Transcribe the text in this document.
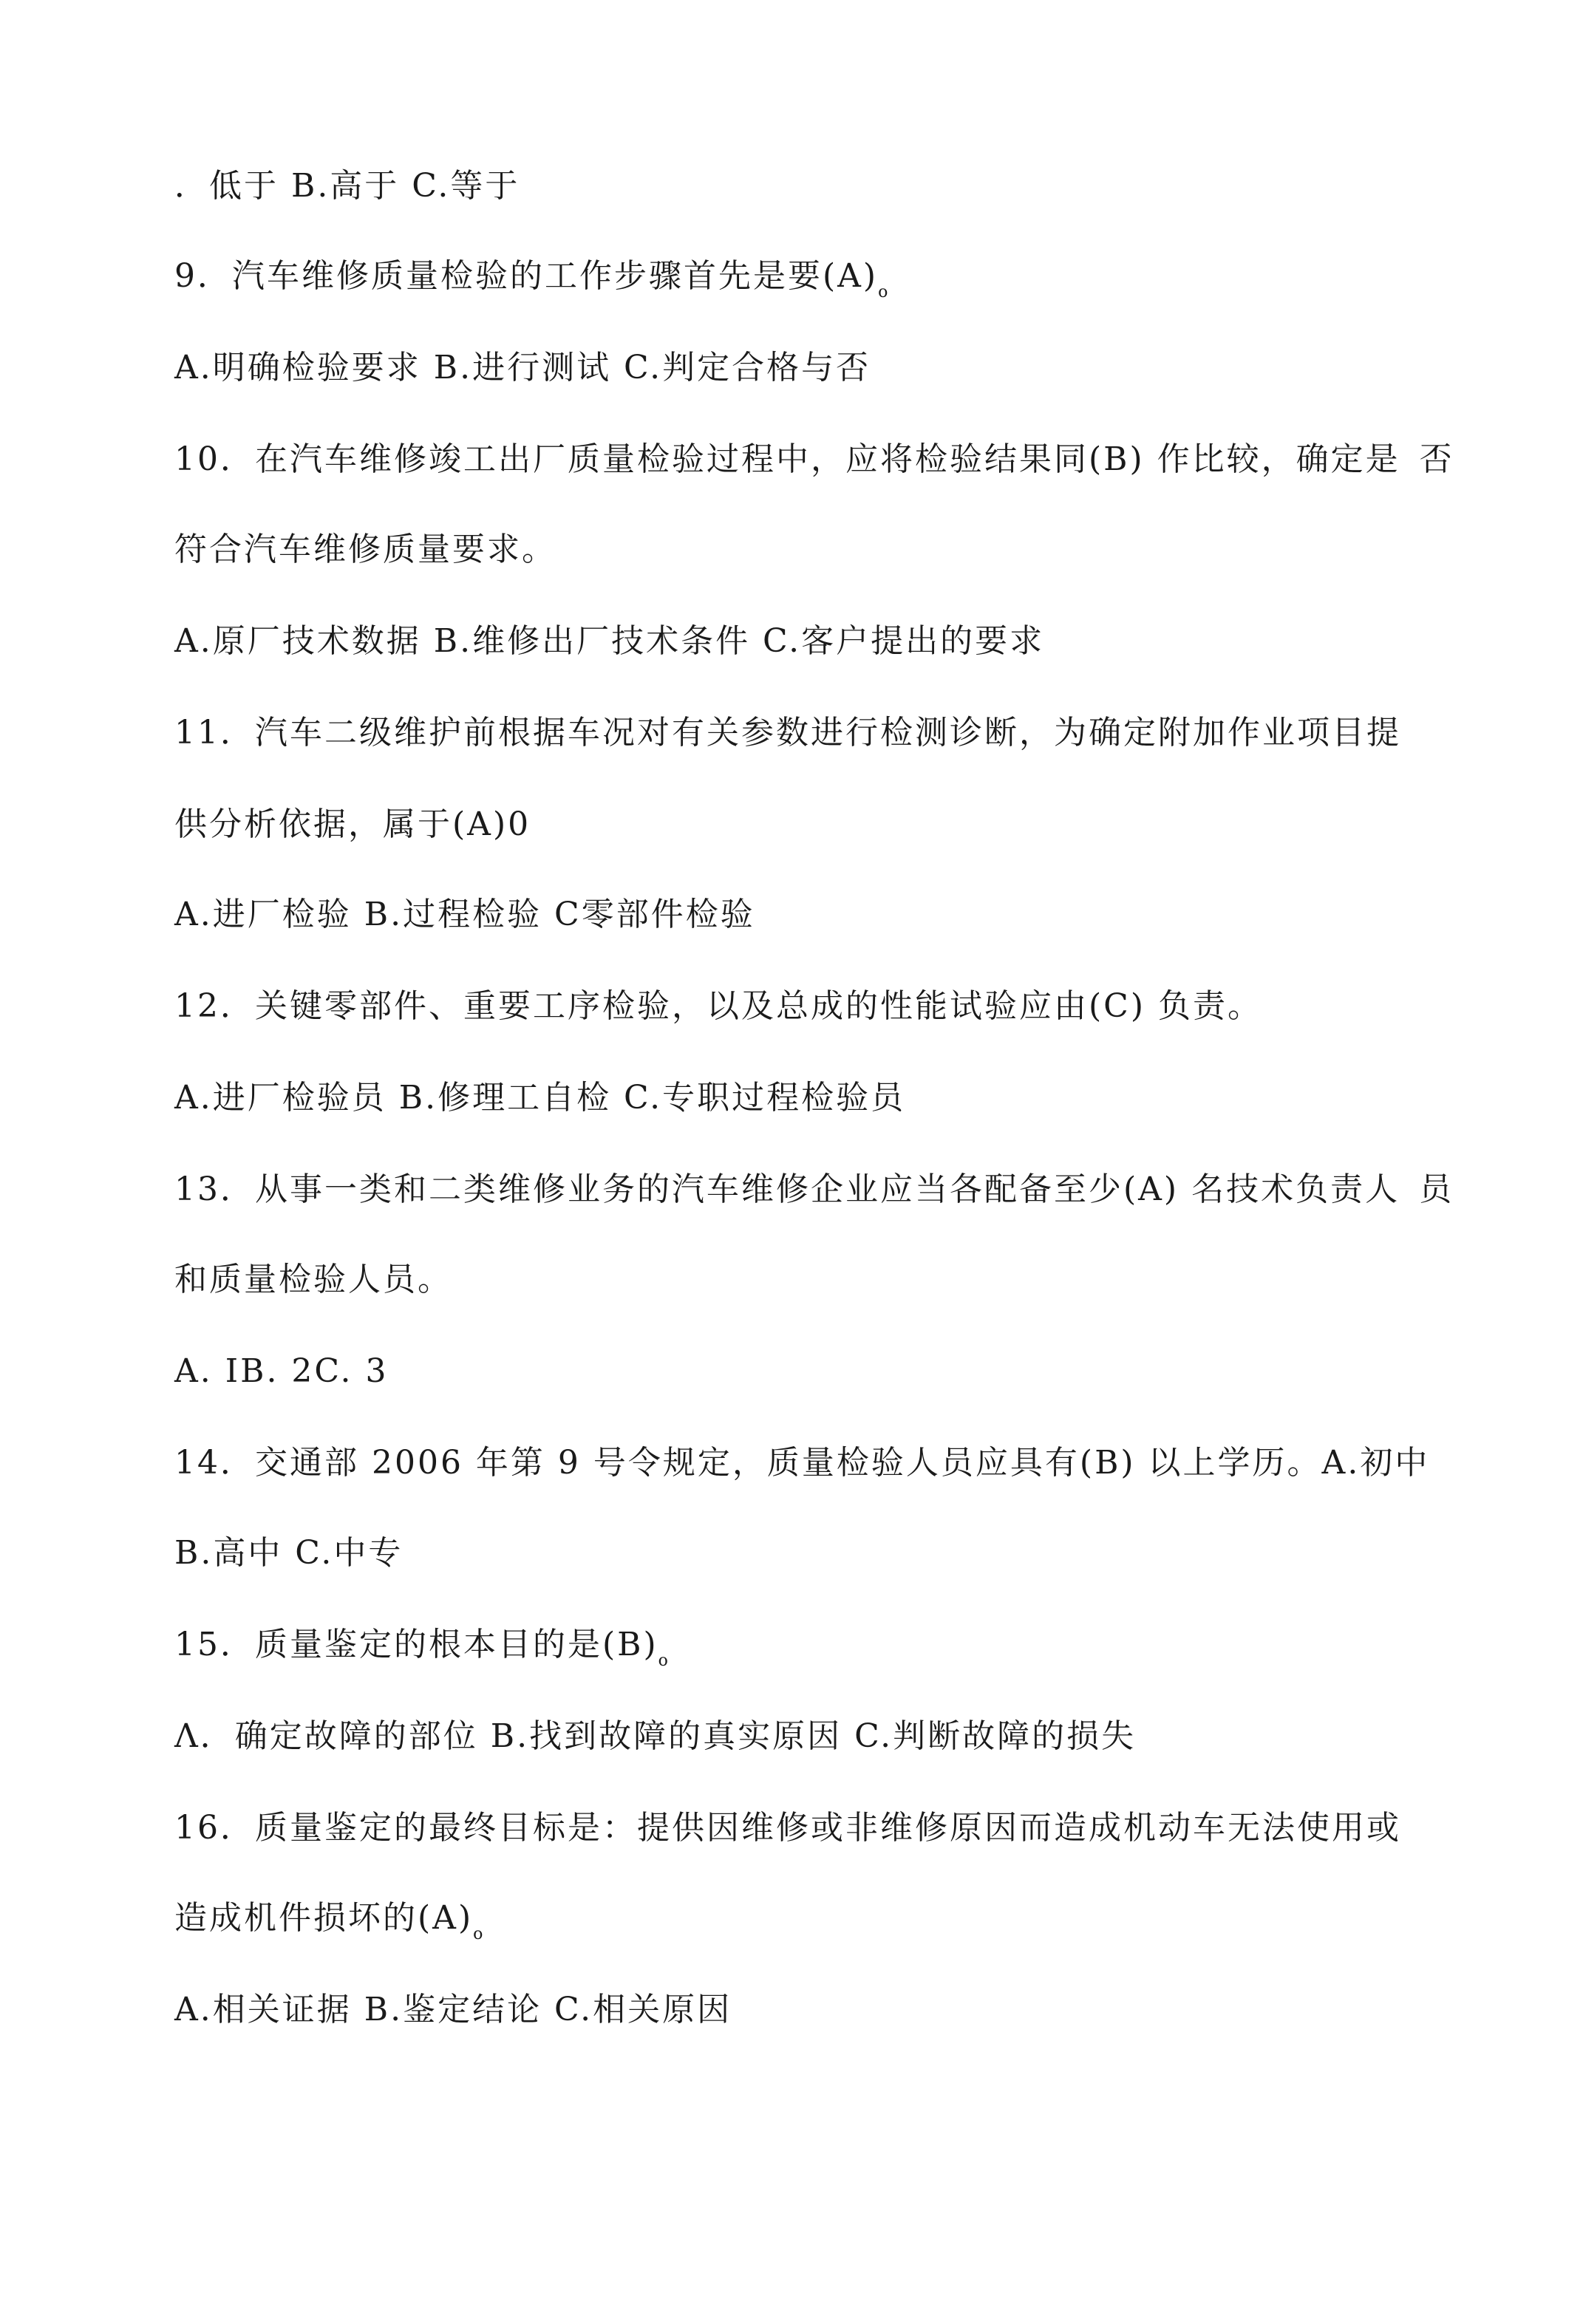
．低于 B.高于 C.等于
9．汽车维修质量检验的工作步骤首先是要$(A)_o$
A.明确检验要求 B.进行测试 C.判定合格与否
10．在汽车维修竣工出厂质量检验过程中，应将检验结果同(B) 作比较，确定是 否
符合汽车维修质量要求。
A.原厂技术数据 B.维修出厂技术条件 C.客户提出的要求
11．汽车二级维护前根据车况对有关参数进行检测诊断，为确定附加作业项目提
供分析依据，属于(A)0
A.进厂检验 B.过程检验 C零部件检验
12．关键零部件、重要工序检验，以及总成的性能试验应由(C) 负责。
A.进厂检验员 B.修理工自检 C.专职过程检验员
13．从事一类和二类维修业务的汽车维修企业应当各配备至少(A) 名技术负责人 员
和质量检验人员。
A. IB. 2C. 3
14．交通部 2006 年第 9 号令规定，质量检验人员应具有(B) 以上学历。A.初中
B.高中 C.中专
15．质量鉴定的根本目的是$(B)_o$
Λ．确定故障的部位 B.找到故障的真实原因 C.判断故障的损失
16．质量鉴定的最终目标是：提供因维修或非维修原因而造成机动车无法使用或
造成机件损坏的$(A)_o$
A.相关证据 B.鉴定结论 C.相关原因
